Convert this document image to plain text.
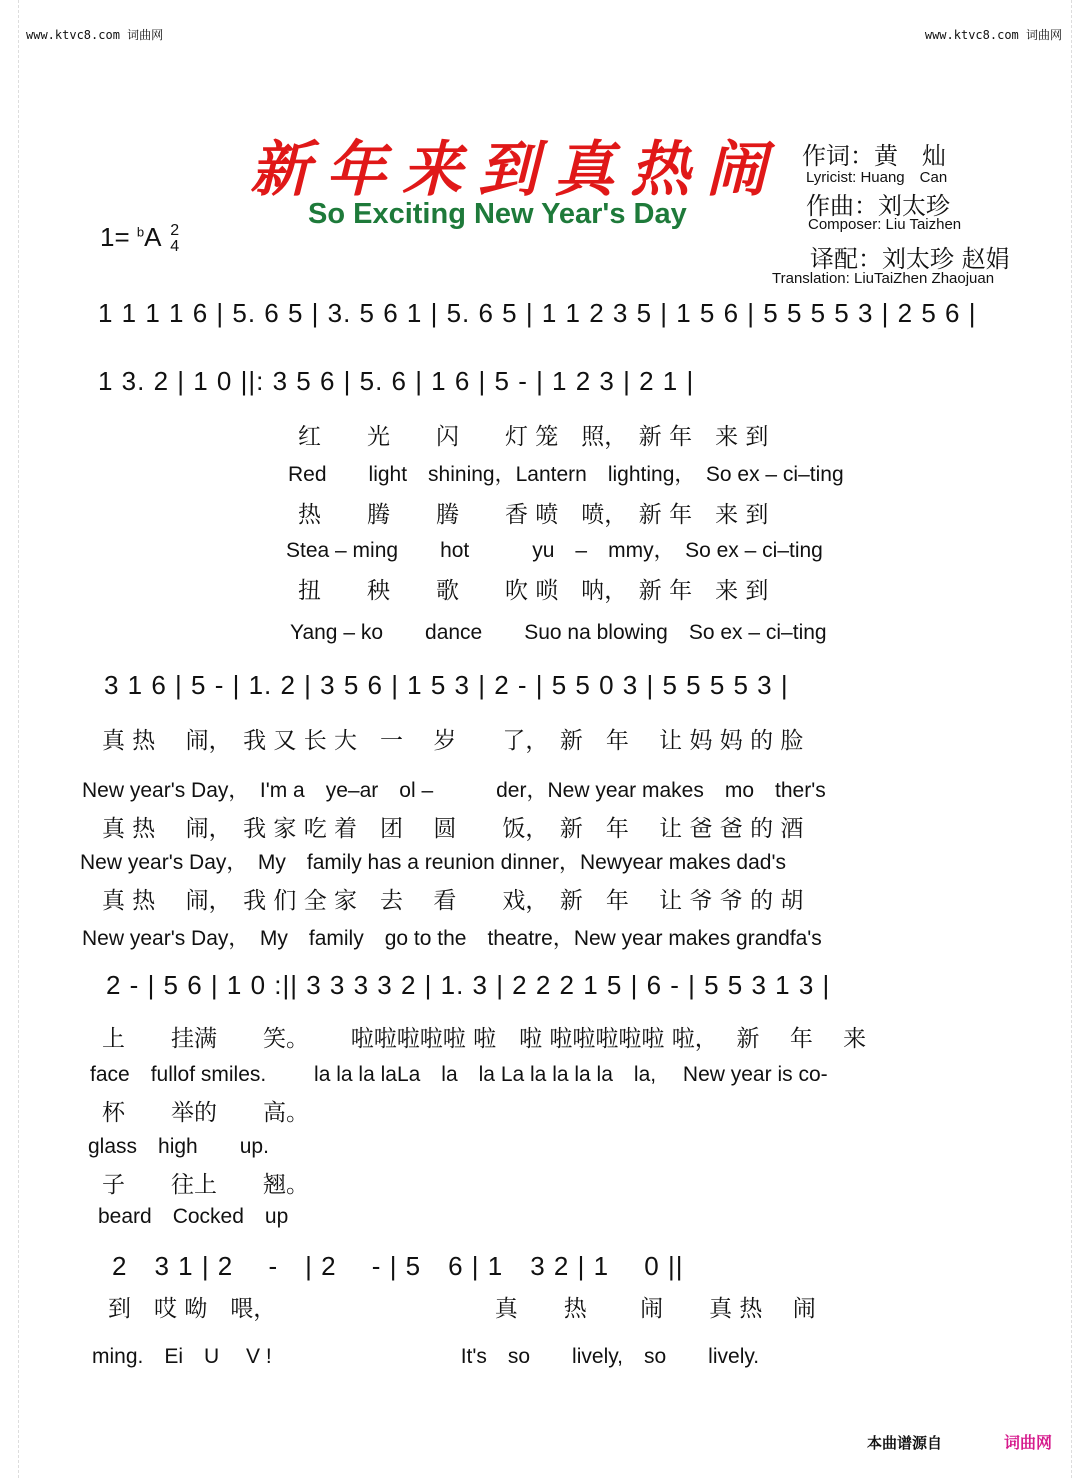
www.ktvc8.com 词曲网	www.ktvc8.com 词曲网
新年来到真热闹
So Exciting New Year's Day
作词：黄　灿
Lyricist: Huang　Can
作曲：刘太珍
Composer: Liu Taizhen
译配：刘太珍 赵娟
Translation: LiuTaiZhen Zhaojuan
1= $^b$A 2
4
1 1 1 1 6 | 5. 6 5 | 3. 5 6 1 | 5. 6 5 | 1 1 2 3 5 | 1 5 6 | 5 5 5 5 3 | 2 5 6 |
1 3. 2 | 1 0 ||: 3 5 6 | 5. 6 | 1 6 | 5 - | 1 2 3 | 2 1 |
红　　光　　闪　　灯 笼　照，　新 年　来 到
Red　　light　shining，Lantern　lighting，　So ex – ci–ting
热　　腾　　腾　　香 喷　喷，　新 年　来 到
Stea – ming　　hot　　　yu　–　mmy，　So ex – ci–ting
扭　　秧　　歌　　吹 唢　呐，　新 年　来 到
Yang – ko　　dance　　Suo na blowing　So ex – ci–ting
3 1 6 | 5 - | 1. 2 | 3 5 6 | 1 5 3 | 2 - | 5 5 0 3 | 5 5 5 5 3 |
真 热　 闹，　我 又 长 大　一　 岁　　了，　新　年　 让 妈 妈 的 脸
New year's Day，　I'm a　ye–ar　ol –　　　der，New year makes　mo　ther's
真 热　 闹，　我 家 吃 着　团　 圆　　饭，　新　年　 让 爸 爸 的 酒
New year's Day，　My　family has a reunion dinner，Newyear makes dad's
真 热　 闹，　我 们 全 家　去　 看　　戏，　新　年　 让 爷 爷 的 胡
New year's Day，　My　family　go to the　theatre，New year makes grandfa's
2 - | 5 6 | 1 0 :|| 3 3 3 3 2 | 1. 3 | 2 2 2 1 5 | 6 - | 5 5 3 1 3 |
上　　挂满　　笑。　　 啦啦啦啦啦 啦　啦 啦啦啦啦啦 啦，　 新　 年　 来
face　fullof smiles.　　 la la la laLa　la　la La la la la la　la,　 New year is co-
杯　　举的　　高。
glass　high　　up.
子　　往上　　翘。
beard　Cocked　up
2　3 1 | 2　 -　| 2　 - | 5　6 | 1　3 2 | 1　 0 ||
到　哎 呦　喂，　　　　　　　　　　真　　热　　 闹　　真 热　 闹
ming.　Ei　U　 V !　　　　　　　　　It's　so　　lively,　so　　lively.
本曲谱源自	词曲网
